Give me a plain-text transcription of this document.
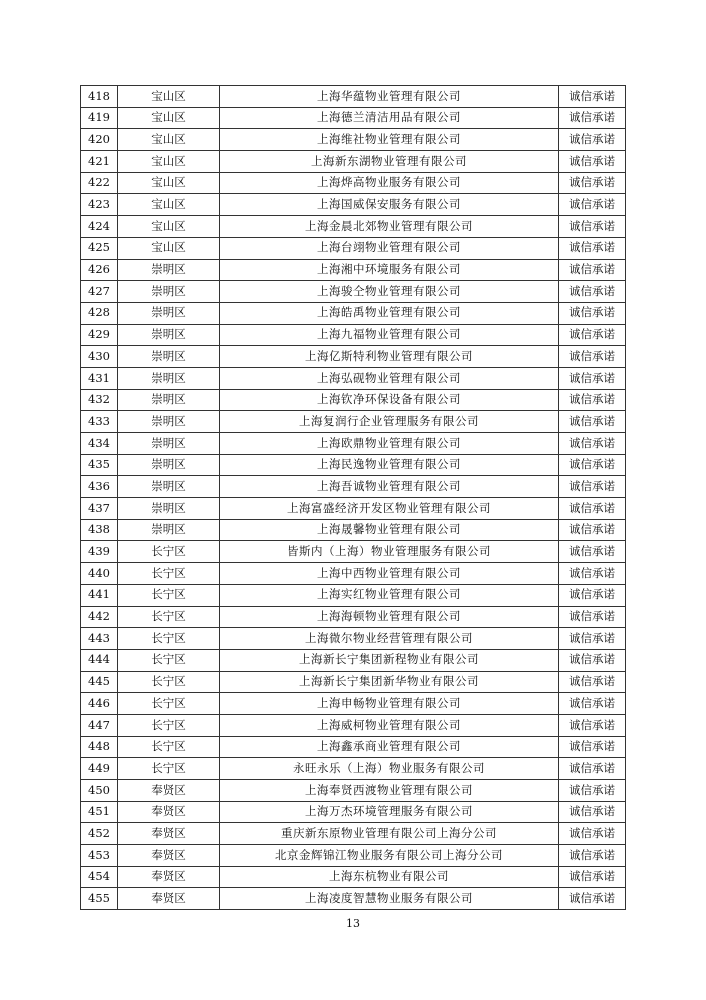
418	宝山区	上海华蕴物业管理有限公司	诚信承诺
419	宝山区	上海德兰清洁用品有限公司	诚信承诺
420	宝山区	上海维社物业管理有限公司	诚信承诺
421	宝山区	上海新东湖物业管理有限公司	诚信承诺
422	宝山区	上海烨高物业服务有限公司	诚信承诺
423	宝山区	上海国威保安服务有限公司	诚信承诺
424	宝山区	上海金晨北郊物业管理有限公司	诚信承诺
425	宝山区	上海台翊物业管理有限公司	诚信承诺
426	崇明区	上海湘中环境服务有限公司	诚信承诺
427	崇明区	上海骏仝物业管理有限公司	诚信承诺
428	崇明区	上海皓禹物业管理有限公司	诚信承诺
429	崇明区	上海九福物业管理有限公司	诚信承诺
430	崇明区	上海亿斯特利物业管理有限公司	诚信承诺
431	崇明区	上海弘砚物业管理有限公司	诚信承诺
432	崇明区	上海钦净环保设备有限公司	诚信承诺
433	崇明区	上海复润行企业管理服务有限公司	诚信承诺
434	崇明区	上海欧鼎物业管理有限公司	诚信承诺
435	崇明区	上海民逸物业管理有限公司	诚信承诺
436	崇明区	上海吾诚物业管理有限公司	诚信承诺
437	崇明区	上海富盛经济开发区物业管理有限公司	诚信承诺
438	崇明区	上海晟馨物业管理有限公司	诚信承诺
439	长宁区	皆斯内（上海）物业管理服务有限公司	诚信承诺
440	长宁区	上海中西物业管理有限公司	诚信承诺
441	长宁区	上海实红物业管理有限公司	诚信承诺
442	长宁区	上海海顿物业管理有限公司	诚信承诺
443	长宁区	上海微尔物业经营管理有限公司	诚信承诺
444	长宁区	上海新长宁集团新程物业有限公司	诚信承诺
445	长宁区	上海新长宁集团新华物业有限公司	诚信承诺
446	长宁区	上海申畅物业管理有限公司	诚信承诺
447	长宁区	上海威柯物业管理有限公司	诚信承诺
448	长宁区	上海鑫承商业管理有限公司	诚信承诺
449	长宁区	永旺永乐（上海）物业服务有限公司	诚信承诺
450	奉贤区	上海奉贤西渡物业管理有限公司	诚信承诺
451	奉贤区	上海万杰环境管理服务有限公司	诚信承诺
452	奉贤区	重庆新东原物业管理有限公司上海分公司	诚信承诺
453	奉贤区	北京金辉锦江物业服务有限公司上海分公司	诚信承诺
454	奉贤区	上海东杭物业有限公司	诚信承诺
455	奉贤区	上海凌度智慧物业服务有限公司	诚信承诺
13
